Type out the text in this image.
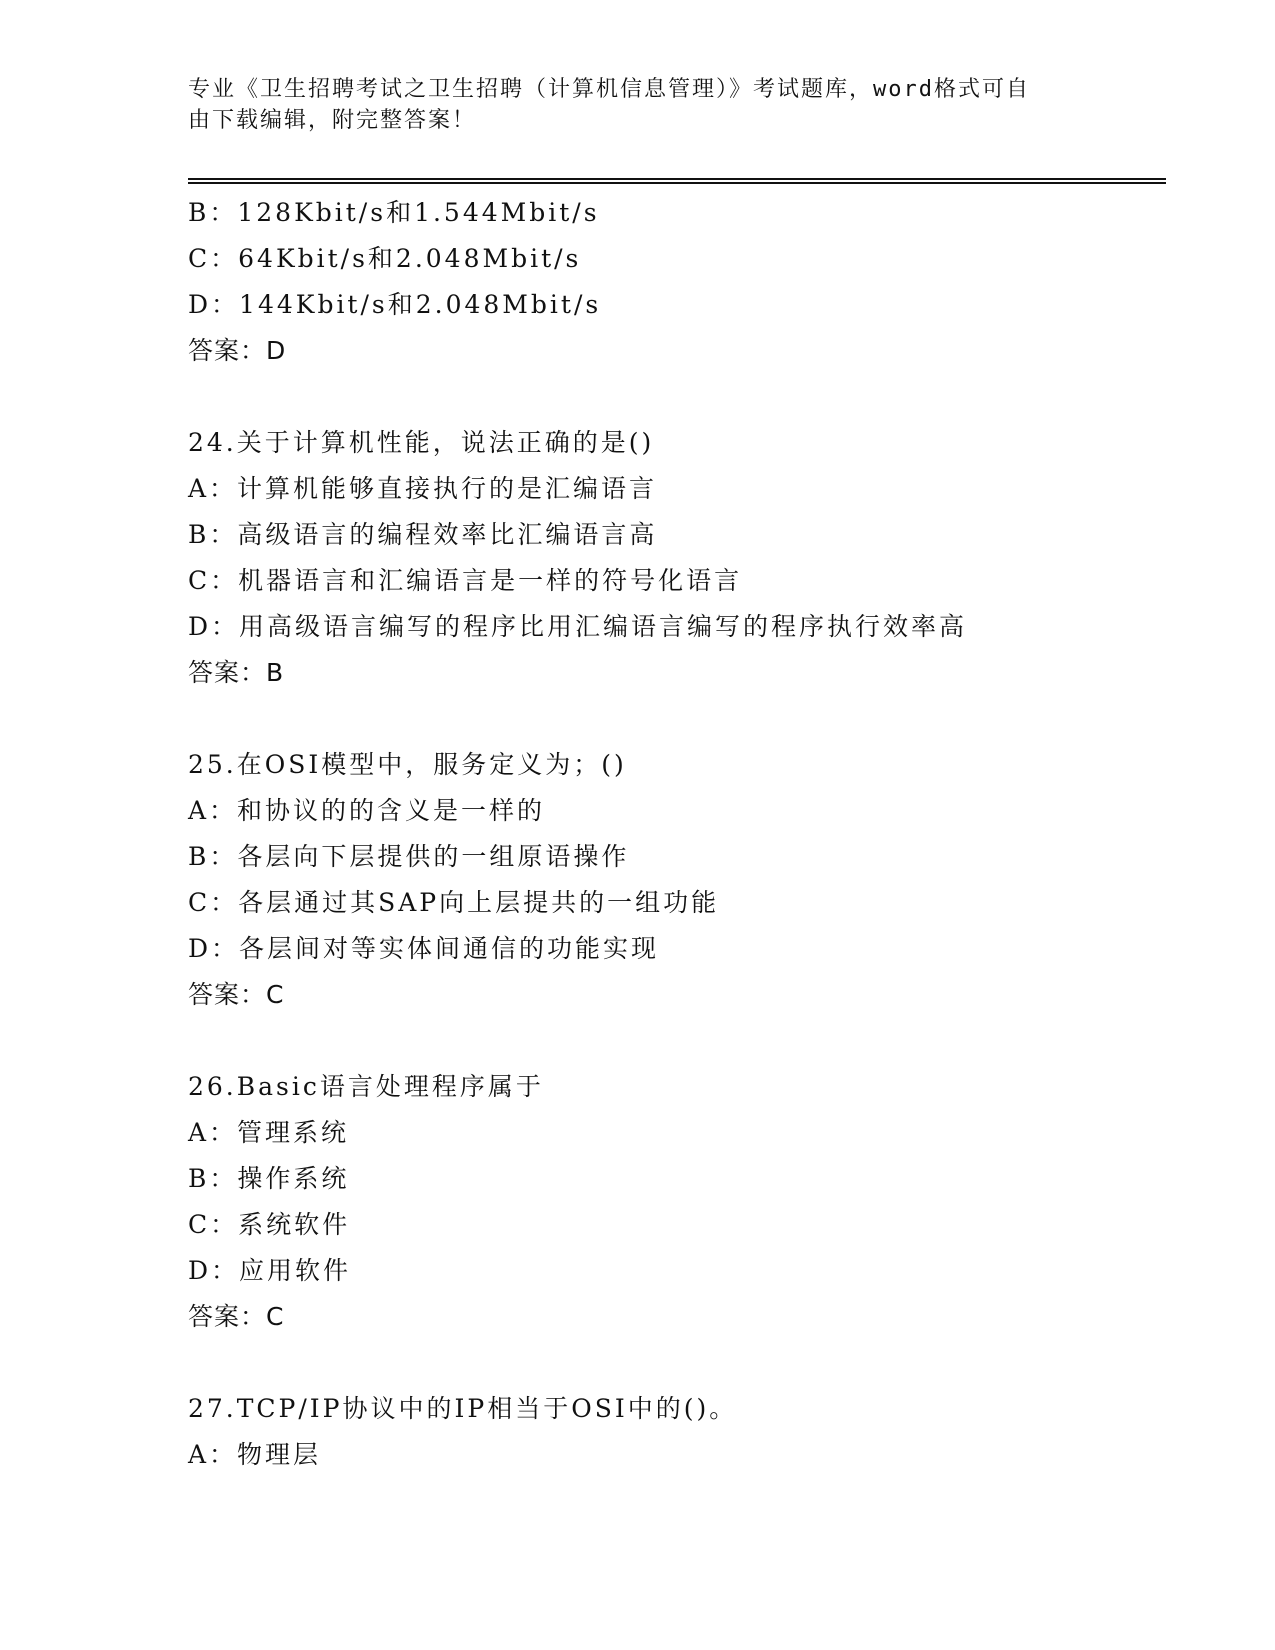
专业《卫生招聘考试之卫生招聘（计算机信息管理）》考试题库，word格式可自
由下载编辑，附完整答案！
B：128Kbit/s和1.544Mbit/s
C：64Kbit/s和2.048Mbit/s
D：144Kbit/s和2.048Mbit/s
答案：D
24.关于计算机性能，说法正确的是()
A：计算机能够直接执行的是汇编语言
B：高级语言的编程效率比汇编语言高
C：机器语言和汇编语言是一样的符号化语言
D：用高级语言编写的程序比用汇编语言编写的程序执行效率高
答案：B
25.在OSI模型中，服务定义为；()
A：和协议的的含义是一样的
B：各层向下层提供的一组原语操作
C：各层通过其SAP向上层提共的一组功能
D：各层间对等实体间通信的功能实现
答案：C
26.Basic语言处理程序属于
A：管理系统
B：操作系统
C：系统软件
D：应用软件
答案：C
27.TCP/IP协议中的IP相当于OSI中的()。
A：物理层
